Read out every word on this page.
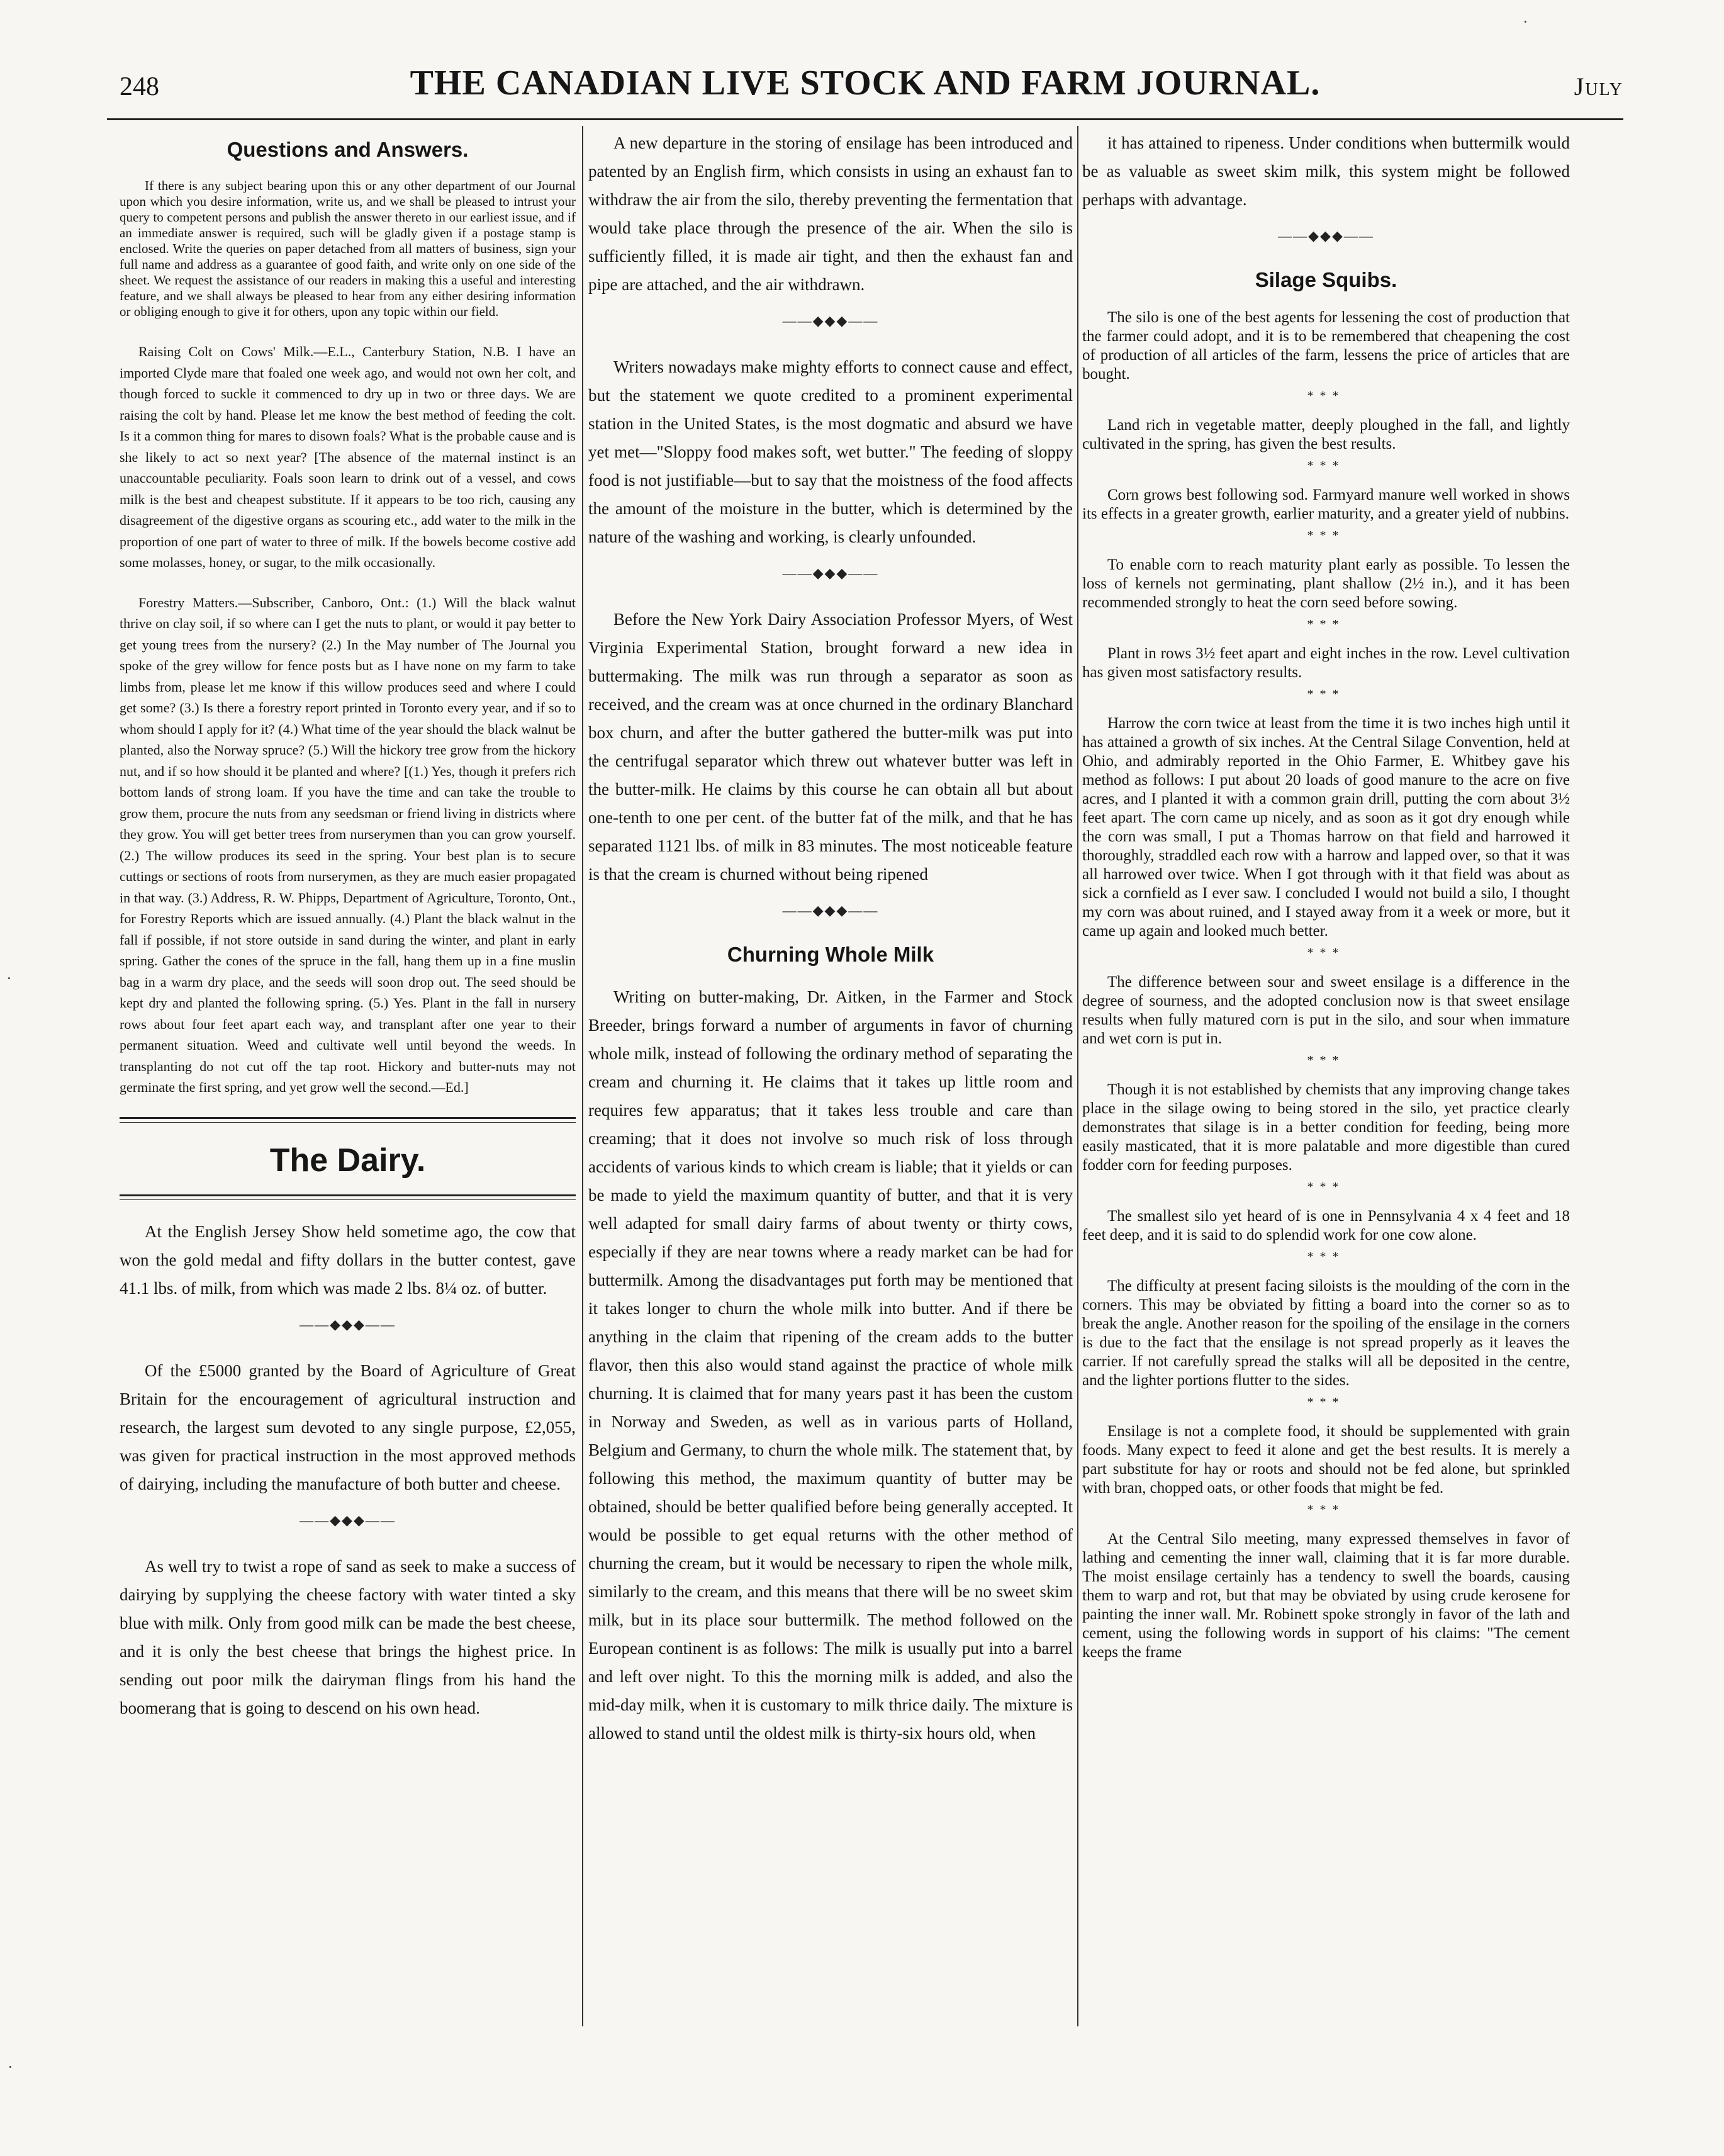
248	THE CANADIAN LIVE STOCK AND FARM JOURNAL.	July
Questions and Answers.

If there is any subject bearing upon this or any other department of our Journal upon which you desire information, write us, and we shall be pleased to intrust your query to competent persons and publish the answer thereto in our earliest issue, and if an immediate answer is required, such will be gladly given if a postage stamp is enclosed. Write the queries on paper detached from all matters of business, sign your full name and address as a guarantee of good faith, and write only on one side of the sheet. We request the assistance of our readers in making this a useful and interesting feature, and we shall always be pleased to hear from any either desiring information or obliging enough to give it for others, upon any topic within our field.

Raising Colt on Cows' Milk.—E.L., Canterbury Station, N.B. I have an imported Clyde mare that foaled one week ago, and would not own her colt, and though forced to suckle it commenced to dry up in two or three days. We are raising the colt by hand. Please let me know the best method of feeding the colt. Is it a common thing for mares to disown foals? What is the probable cause and is she likely to act so next year? [The absence of the maternal instinct is an unaccountable peculiarity. Foals soon learn to drink out of a vessel, and cows milk is the best and cheapest substitute. If it appears to be too rich, causing any disagreement of the digestive organs as scouring etc., add water to the milk in the proportion of one part of water to three of milk. If the bowels become costive add some molasses, honey, or sugar, to the milk occasionally.

Forestry Matters.—Subscriber, Canboro, Ont.: (1.) Will the black walnut thrive on clay soil, if so where can I get the nuts to plant, or would it pay better to get young trees from the nursery? (2.) In the May number of The Journal you spoke of the grey willow for fence posts but as I have none on my farm to take limbs from, please let me know if this willow produces seed and where I could get some? (3.) Is there a forestry report printed in Toronto every year, and if so to whom should I apply for it? (4.) What time of the year should the black walnut be planted, also the Norway spruce? (5.) Will the hickory tree grow from the hickory nut, and if so how should it be planted and where? [(1.) Yes, though it prefers rich bottom lands of strong loam. If you have the time and can take the trouble to grow them, procure the nuts from any seedsman or friend living in districts where they grow. You will get better trees from nurserymen than you can grow yourself. (2.) The willow produces its seed in the spring. Your best plan is to secure cuttings or sections of roots from nurserymen, as they are much easier propagated in that way. (3.) Address, R. W. Phipps, Department of Agriculture, Toronto, Ont., for Forestry Reports which are issued annually. (4.) Plant the black walnut in the fall if possible, if not store outside in sand during the winter, and plant in early spring. Gather the cones of the spruce in the fall, hang them up in a fine muslin bag in a warm dry place, and the seeds will soon drop out. The seed should be kept dry and planted the following spring. (5.) Yes. Plant in the fall in nursery rows about four feet apart each way, and transplant after one year to their permanent situation. Weed and cultivate well until beyond the weeds. In transplanting do not cut off the tap root. Hickory and butter-nuts may not germinate the first spring, and yet grow well the second.—Ed.]

The Dairy.

At the English Jersey Show held sometime ago, the cow that won the gold medal and fifty dollars in the butter contest, gave 41.1 lbs. of milk, from which was made 2 lbs. 8¼ oz. of butter.

——◆◆◆——

Of the £5000 granted by the Board of Agriculture of Great Britain for the encouragement of agricultural instruction and research, the largest sum devoted to any single purpose, £2,055, was given for practical instruction in the most approved methods of dairying, including the manufacture of both butter and cheese.

——◆◆◆——

As well try to twist a rope of sand as seek to make a success of dairying by supplying the cheese factory with water tinted a sky blue with milk. Only from good milk can be made the best cheese, and it is only the best cheese that brings the highest price. In sending out poor milk the dairyman flings from his hand the boomerang that is going to descend on his own head.

A new departure in the storing of ensilage has been introduced and patented by an English firm, which consists in using an exhaust fan to withdraw the air from the silo, thereby preventing the fermentation that would take place through the presence of the air. When the silo is sufficiently filled, it is made air tight, and then the exhaust fan and pipe are attached, and the air withdrawn.

——◆◆◆——

Writers nowadays make mighty efforts to connect cause and effect, but the statement we quote credited to a prominent experimental station in the United States, is the most dogmatic and absurd we have yet met—"Sloppy food makes soft, wet butter." The feeding of sloppy food is not justifiable—but to say that the moistness of the food affects the amount of the moisture in the butter, which is determined by the nature of the washing and working, is clearly unfounded.

——◆◆◆——

Before the New York Dairy Association Professor Myers, of West Virginia Experimental Station, brought forward a new idea in buttermaking. The milk was run through a separator as soon as received, and the cream was at once churned in the ordinary Blanchard box churn, and after the butter gathered the butter-milk was put into the centrifugal separator which threw out whatever butter was left in the butter-milk. He claims by this course he can obtain all but about one-tenth to one per cent. of the butter fat of the milk, and that he has separated 1121 lbs. of milk in 83 minutes. The most noticeable feature is that the cream is churned without being ripened

——◆◆◆——
Churning Whole Milk

Writing on butter-making, Dr. Aitken, in the Farmer and Stock Breeder, brings forward a number of arguments in favor of churning whole milk, instead of following the ordinary method of separating the cream and churning it. He claims that it takes up little room and requires few apparatus; that it takes less trouble and care than creaming; that it does not involve so much risk of loss through accidents of various kinds to which cream is liable; that it yields or can be made to yield the maximum quantity of butter, and that it is very well adapted for small dairy farms of about twenty or thirty cows, especially if they are near towns where a ready market can be had for buttermilk. Among the disadvantages put forth may be mentioned that it takes longer to churn the whole milk into butter. And if there be anything in the claim that ripening of the cream adds to the butter flavor, then this also would stand against the practice of whole milk churning. It is claimed that for many years past it has been the custom in Norway and Sweden, as well as in various parts of Holland, Belgium and Germany, to churn the whole milk. The statement that, by following this method, the maximum quantity of butter may be obtained, should be better qualified before being generally accepted. It would be possible to get equal returns with the other method of churning the cream, but it would be necessary to ripen the whole milk, similarly to the cream, and this means that there will be no sweet skim milk, but in its place sour buttermilk. The method followed on the European continent is as follows: The milk is usually put into a barrel and left over night. To this the morning milk is added, and also the mid-day milk, when it is customary to milk thrice daily. The mixture is allowed to stand until the oldest milk is thirty-six hours old, when

it has attained to ripeness. Under conditions when buttermilk would be as valuable as sweet skim milk, this system might be followed perhaps with advantage.

——◆◆◆——
Silage Squibs.

The silo is one of the best agents for lessening the cost of production that the farmer could adopt, and it is to be remembered that cheapening the cost of production of all articles of the farm, lessens the price of articles that are bought.

***

Land rich in vegetable matter, deeply ploughed in the fall, and lightly cultivated in the spring, has given the best results.

***

Corn grows best following sod. Farmyard manure well worked in shows its effects in a greater growth, earlier maturity, and a greater yield of nubbins.

***

To enable corn to reach maturity plant early as possible. To lessen the loss of kernels not germinating, plant shallow (2½ in.), and it has been recommended strongly to heat the corn seed before sowing.

***

Plant in rows 3½ feet apart and eight inches in the row. Level cultivation has given most satisfactory results.

***

Harrow the corn twice at least from the time it is two inches high until it has attained a growth of six inches. At the Central Silage Convention, held at Ohio, and admirably reported in the Ohio Farmer, E. Whitbey gave his method as follows: I put about 20 loads of good manure to the acre on five acres, and I planted it with a common grain drill, putting the corn about 3½ feet apart. The corn came up nicely, and as soon as it got dry enough while the corn was small, I put a Thomas harrow on that field and harrowed it thoroughly, straddled each row with a harrow and lapped over, so that it was all harrowed over twice. When I got through with it that field was about as sick a cornfield as I ever saw. I concluded I would not build a silo, I thought my corn was about ruined, and I stayed away from it a week or more, but it came up again and looked much better.

***

The difference between sour and sweet ensilage is a difference in the degree of sourness, and the adopted conclusion now is that sweet ensilage results when fully matured corn is put in the silo, and sour when immature and wet corn is put in.

***

Though it is not established by chemists that any improving change takes place in the silage owing to being stored in the silo, yet practice clearly demonstrates that silage is in a better condition for feeding, being more easily masticated, that it is more palatable and more digestible than cured fodder corn for feeding purposes.

***

The smallest silo yet heard of is one in Pennsylvania 4 x 4 feet and 18 feet deep, and it is said to do splendid work for one cow alone.

***

The difficulty at present facing siloists is the moulding of the corn in the corners. This may be obviated by fitting a board into the corner so as to break the angle. Another reason for the spoiling of the ensilage in the corners is due to the fact that the ensilage is not spread properly as it leaves the carrier. If not carefully spread the stalks will all be deposited in the centre, and the lighter portions flutter to the sides.

***

Ensilage is not a complete food, it should be supplemented with grain foods. Many expect to feed it alone and get the best results. It is merely a part substitute for hay or roots and should not be fed alone, but sprinkled with bran, chopped oats, or other foods that might be fed.

***

At the Central Silo meeting, many expressed themselves in favor of lathing and cementing the inner wall, claiming that it is far more durable. The moist ensilage certainly has a tendency to swell the boards, causing them to warp and rot, but that may be obviated by using crude kerosene for painting the inner wall. Mr. Robinett spoke strongly in favor of the lath and cement, using the following words in support of his claims: "The cement keeps the frame

·
·
·
